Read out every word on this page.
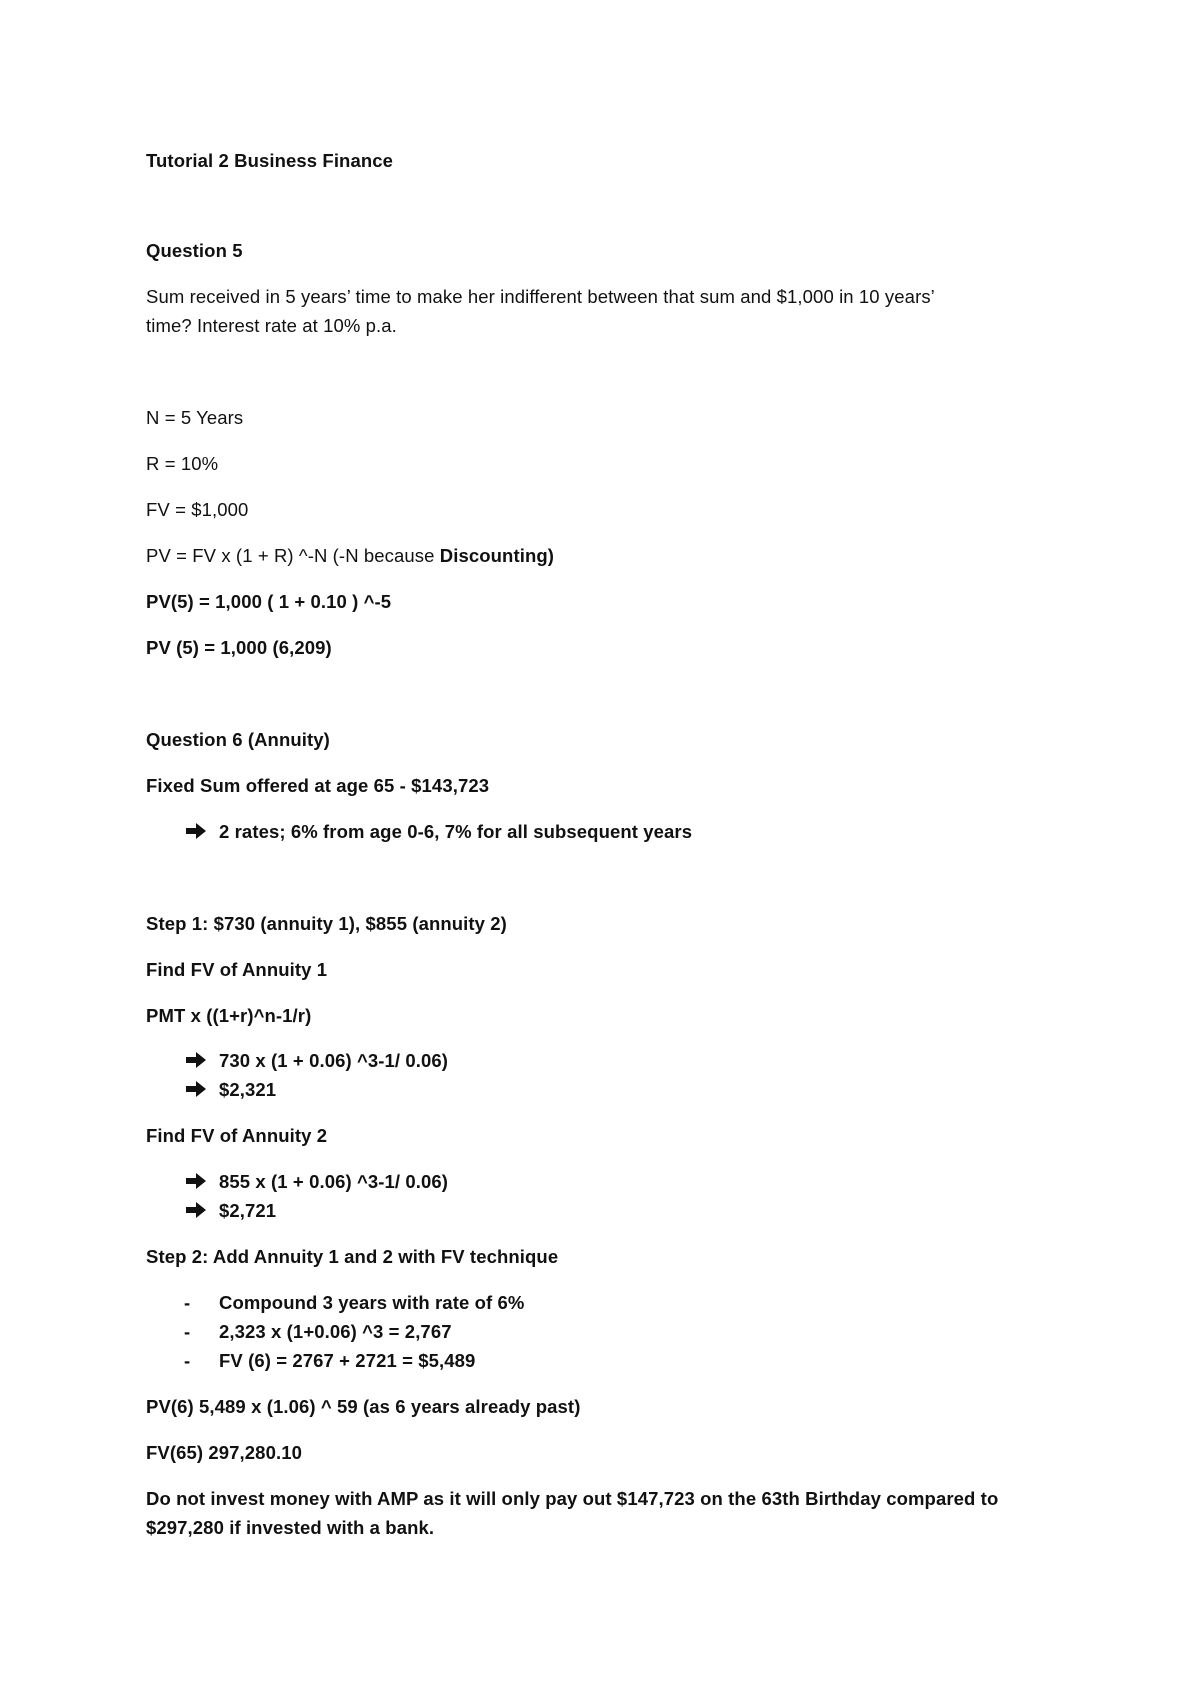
Tutorial 2 Business Finance
Question 5
Sum received in 5 years’ time to make her indifferent between that sum and $1,000 in 10 years’
time? Interest rate at 10% p.a.
N = 5 Years
R = 10%
FV = $1,000
PV = FV x (1 + R) ^-N (-N because Discounting)
PV(5) = 1,000 ( 1 + 0.10 ) ^-5
PV (5) = 1,000 (6,209)
Question 6 (Annuity)
Fixed Sum offered at age 65 - $143,723
2 rates; 6% from age 0-6, 7% for all subsequent years
Step 1: $730 (annuity 1), $855 (annuity 2)
Find FV of Annuity 1
PMT x ((1+r)^n-1/r)
730 x (1 + 0.06) ^3-1/ 0.06)
$2,321
Find FV of Annuity 2
855 x (1 + 0.06) ^3-1/ 0.06)
$2,721
Step 2: Add Annuity 1 and 2 with FV technique
- Compound 3 years with rate of 6%
- 2,323 x (1+0.06) ^3 = 2,767
- FV (6) = 2767 + 2721 = $5,489
PV(6) 5,489 x (1.06) ^ 59 (as 6 years already past)
FV(65) 297,280.10
Do not invest money with AMP as it will only pay out $147,723 on the 63th Birthday compared to
$297,280 if invested with a bank.
